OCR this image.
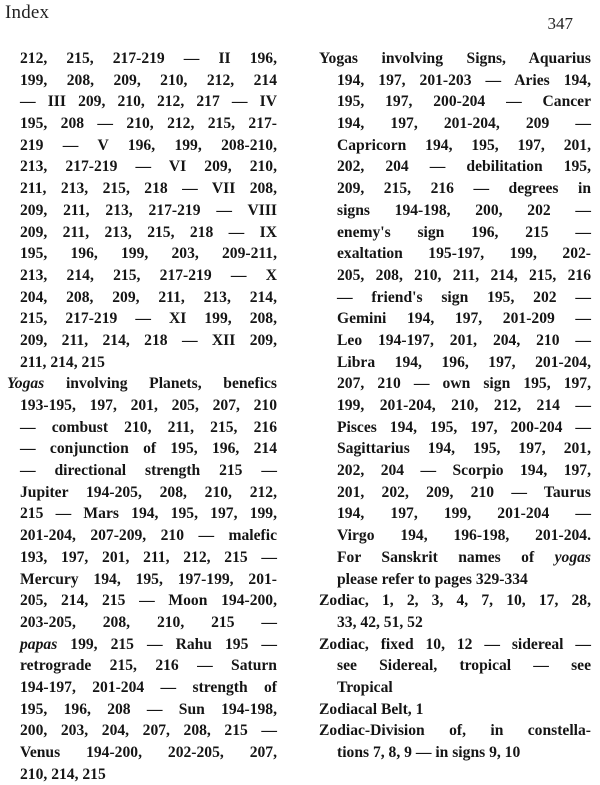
Index
347
212, 215, 217-219 — II 196,
199, 208, 209, 210, 212, 214
— III 209, 210, 212, 217 — IV
195, 208 — 210, 212, 215, 217-
219 — V 196, 199, 208-210,
213, 217-219 — VI 209, 210,
211, 213, 215, 218 — VII 208,
209, 211, 213, 217-219 — VIII
209, 211, 213, 215, 218 — IX
195, 196, 199, 203, 209-211,
213, 214, 215, 217-219 — X
204, 208, 209, 211, 213, 214,
215, 217-219 — XI 199, 208,
209, 211, 214, 218 — XII 209,
211, 214, 215
Yogas involving Planets, benefics
193-195, 197, 201, 205, 207, 210
— combust 210, 211, 215, 216
— conjunction of 195, 196, 214
— directional strength 215 —
Jupiter 194-205, 208, 210, 212,
215 — Mars 194, 195, 197, 199,
201-204, 207-209, 210 — malefic
193, 197, 201, 211, 212, 215 —
Mercury 194, 195, 197-199, 201-
205, 214, 215 — Moon 194-200,
203-205, 208, 210, 215 —
papas 199, 215 — Rahu 195 —
retrograde 215, 216 — Saturn
194-197, 201-204 — strength of
195, 196, 208 — Sun 194-198,
200, 203, 204, 207, 208, 215 —
Venus 194-200, 202-205, 207,
210, 214, 215
Yogas involving Signs, Aquarius
194, 197, 201-203 — Aries 194,
195, 197, 200-204 — Cancer
194, 197, 201-204, 209 —
Capricorn 194, 195, 197, 201,
202, 204 — debilitation 195,
209, 215, 216 — degrees in
signs 194-198, 200, 202 —
enemy's sign 196, 215 —
exaltation 195-197, 199, 202-
205, 208, 210, 211, 214, 215, 216
— friend's sign 195, 202 —
Gemini 194, 197, 201-209 —
Leo 194-197, 201, 204, 210 —
Libra 194, 196, 197, 201-204,
207, 210 — own sign 195, 197,
199, 201-204, 210, 212, 214 —
Pisces 194, 195, 197, 200-204 —
Sagittarius 194, 195, 197, 201,
202, 204 — Scorpio 194, 197,
201, 202, 209, 210 — Taurus
194, 197, 199, 201-204 —
Virgo 194, 196-198, 201-204.
For Sanskrit names of yogas
please refer to pages 329-334
Zodiac, 1, 2, 3, 4, 7, 10, 17, 28,
33, 42, 51, 52
Zodiac, fixed 10, 12 — sidereal —
see Sidereal, tropical — see
Tropical
Zodiacal Belt, 1
Zodiac-Division of, in constella-
tions 7, 8, 9 — in signs 9, 10
